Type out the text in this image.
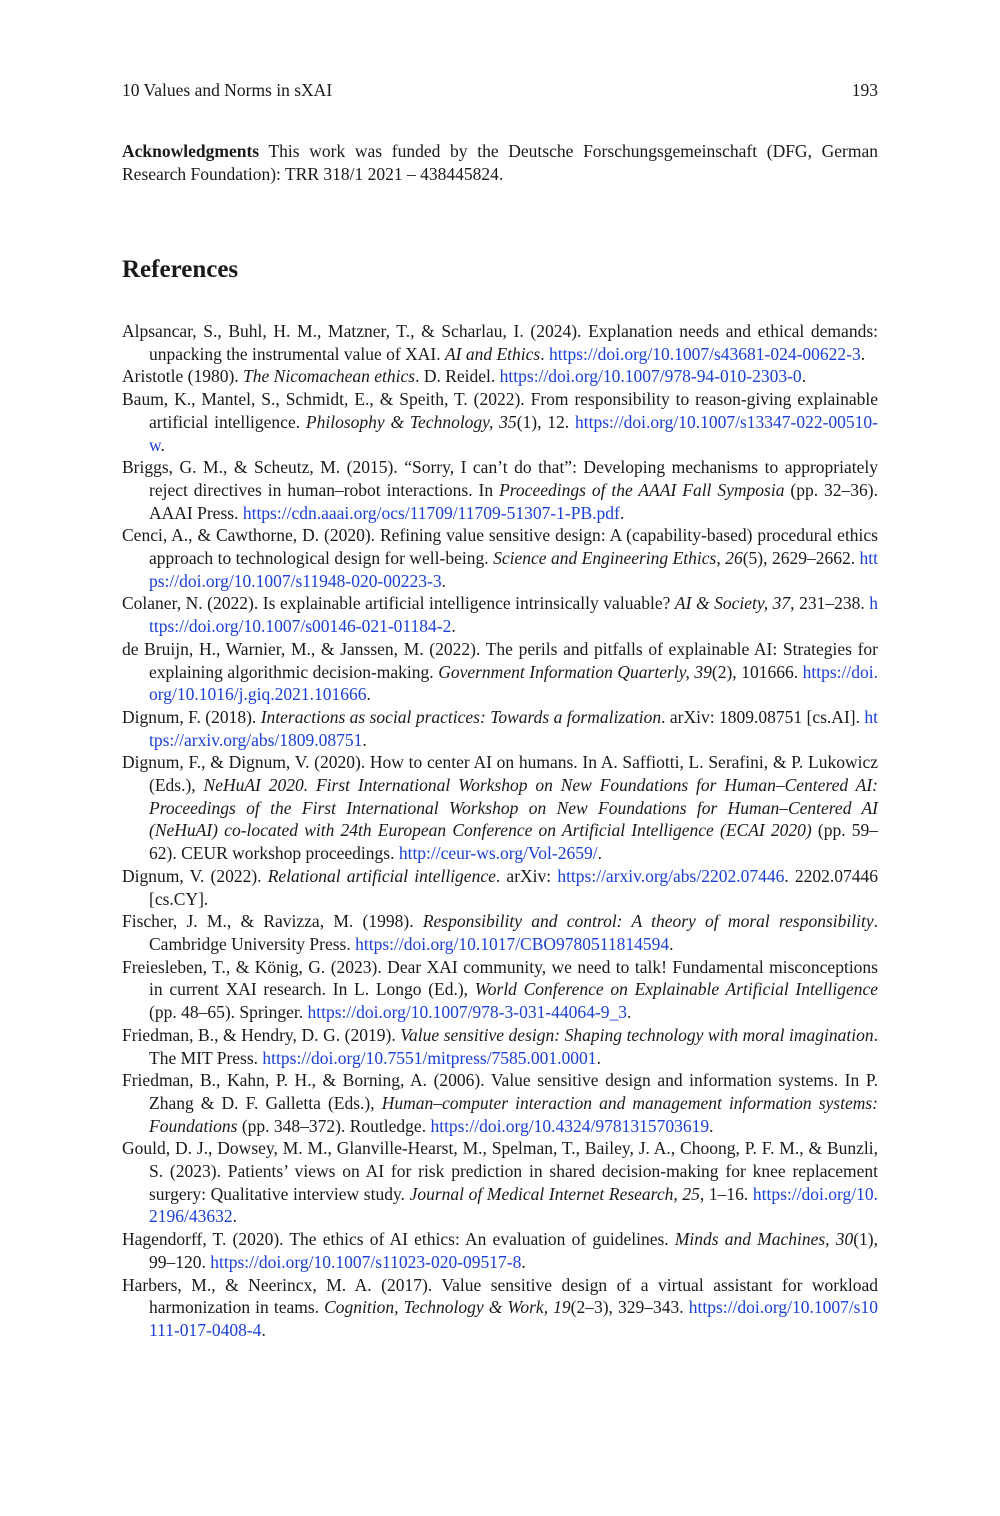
10 Values and Norms in sXAI	193

Acknowledgments This work was funded by the Deutsche Forschungsgemeinschaft (DFG, German Research Foundation): TRR 318/1 2021 – 438445824.

References
Alpsancar, S., Buhl, H. M., Matzner, T., & Scharlau, I. (2024). Explanation needs and ethical demands: unpacking the instrumental value of XAI. AI and Ethics. https://doi.org/10.1007/s43681-024-00622-3.
Aristotle (1980). The Nicomachean ethics. D. Reidel. https://doi.org/10.1007/978-94-010-2303-0.
Baum, K., Mantel, S., Schmidt, E., & Speith, T. (2022). From responsibility to reason-giving explainable artificial intelligence. Philosophy & Technology, 35(1), 12. https://doi.org/10.1007/s13347-022-00510-w.
Briggs, G. M., & Scheutz, M. (2015). “Sorry, I can’t do that”: Developing mechanisms to appropriately reject directives in human–robot interactions. In Proceedings of the AAAI Fall Symposia (pp. 32–36). AAAI Press. https://cdn.aaai.org/ocs/11709/11709-51307-1-PB.pdf.
Cenci, A., & Cawthorne, D. (2020). Refining value sensitive design: A (capability-based) procedural ethics approach to technological design for well-being. Science and Engineering Ethics, 26(5), 2629–2662. https://doi.org/10.1007/s11948-020-00223-3.
Colaner, N. (2022). Is explainable artificial intelligence intrinsically valuable? AI & Society, 37, 231–238. https://doi.org/10.1007/s00146-021-01184-2.
de Bruijn, H., Warnier, M., & Janssen, M. (2022). The perils and pitfalls of explainable AI: Strategies for explaining algorithmic decision-making. Government Information Quarterly, 39(2), 101666. https://doi.org/10.1016/j.giq.2021.101666.
Dignum, F. (2018). Interactions as social practices: Towards a formalization. arXiv: 1809.08751 [cs.AI]. https://arxiv.org/abs/1809.08751.
Dignum, F., & Dignum, V. (2020). How to center AI on humans. In A. Saffiotti, L. Serafini, & P. Lukowicz (Eds.), NeHuAI 2020. First International Workshop on New Foundations for Human–Centered AI: Proceedings of the First International Workshop on New Foundations for Human–Centered AI (NeHuAI) co-located with 24th European Conference on Artificial Intelligence (ECAI 2020) (pp. 59–62). CEUR workshop proceedings. http://ceur-ws.org/Vol-2659/.
Dignum, V. (2022). Relational artificial intelligence. arXiv: https://arxiv.org/abs/2202.07446. 2202.07446 [cs.CY].
Fischer, J. M., & Ravizza, M. (1998). Responsibility and control: A theory of moral responsibility. Cambridge University Press. https://doi.org/10.1017/CBO9780511814594.
Freiesleben, T., & König, G. (2023). Dear XAI community, we need to talk! Fundamental misconceptions in current XAI research. In L. Longo (Ed.), World Conference on Explainable Artificial Intelligence (pp. 48–65). Springer. https://doi.org/10.1007/978-3-031-44064-9_3.
Friedman, B., & Hendry, D. G. (2019). Value sensitive design: Shaping technology with moral imagination. The MIT Press. https://doi.org/10.7551/mitpress/7585.001.0001.
Friedman, B., Kahn, P. H., & Borning, A. (2006). Value sensitive design and information systems. In P. Zhang & D. F. Galletta (Eds.), Human–computer interaction and management information systems: Foundations (pp. 348–372). Routledge. https://doi.org/10.4324/9781315703619.
Gould, D. J., Dowsey, M. M., Glanville-Hearst, M., Spelman, T., Bailey, J. A., Choong, P. F. M., & Bunzli, S. (2023). Patients’ views on AI for risk prediction in shared decision-making for knee replacement surgery: Qualitative interview study. Journal of Medical Internet Research, 25, 1–16. https://doi.org/10.2196/43632.
Hagendorff, T. (2020). The ethics of AI ethics: An evaluation of guidelines. Minds and Machines, 30(1), 99–120. https://doi.org/10.1007/s11023-020-09517-8.
Harbers, M., & Neerincx, M. A. (2017). Value sensitive design of a virtual assistant for workload harmonization in teams. Cognition, Technology & Work, 19(2–3), 329–343. https://doi.org/10.1007/s10111-017-0408-4.
